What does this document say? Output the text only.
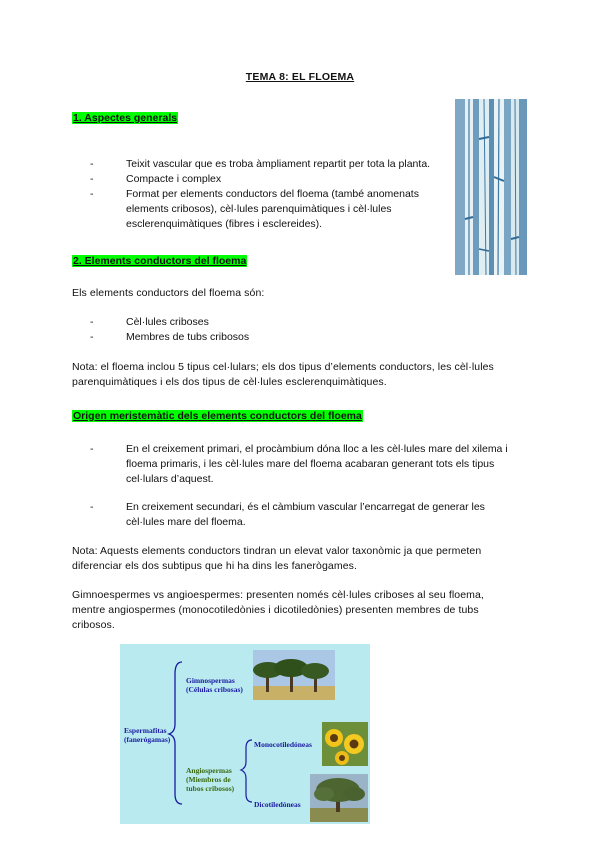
TEMA 8: EL FLOEMA
1. Aspectes generals
-	Teixit vascular que es troba àmpliament repartit per tota la planta.
-	Compacte i complex
-	Format per elements conductors del floema (també anomenats
elements cribosos), cèl·lules parenquimàtiques i cèl·lules
esclerenquimàtiques (fibres i esclereides).
2. Elements conductors del floema
Els elements conductors del floema són:
-	Cèl·lules criboses
-	Membres de tubs cribosos
Nota: el floema inclou 5 tipus cel·lulars; els dos tipus d’elements conductors, les cèl·lules
parenquimàtiques i els dos tipus de cèl·lules esclerenquimàtiques.
Origen meristemàtic dels elements conductors del floema
-	En el creixement primari, el procàmbium dóna lloc a les cèl·lules mare del xilema i
floema primaris, i les cèl·lules mare del floema acabaran generant tots els tipus
cel·lulars d’aquest.
-	En creixement secundari, és el càmbium vascular l’encarregat de generar les
cèl·lules mare del floema.
Nota: Aquests elements conductors tindran un elevat valor taxonòmic ja que permeten
diferenciar els dos subtipus que hi ha dins les fanerògames.
Gimnoespermes vs angioespermes: presenten només cèl·lules criboses al seu floema,
mentre angiospermes (monocotiledònies i dicotiledònies) presenten membres de tubs
cribosos.
Espermafitas
(fanerógamas)
Gimnospermas
(Células cribosas)
Angiospermas
(Miembros de
tubos cribosos)
Monocotiledóneas
Dicotiledóneas
